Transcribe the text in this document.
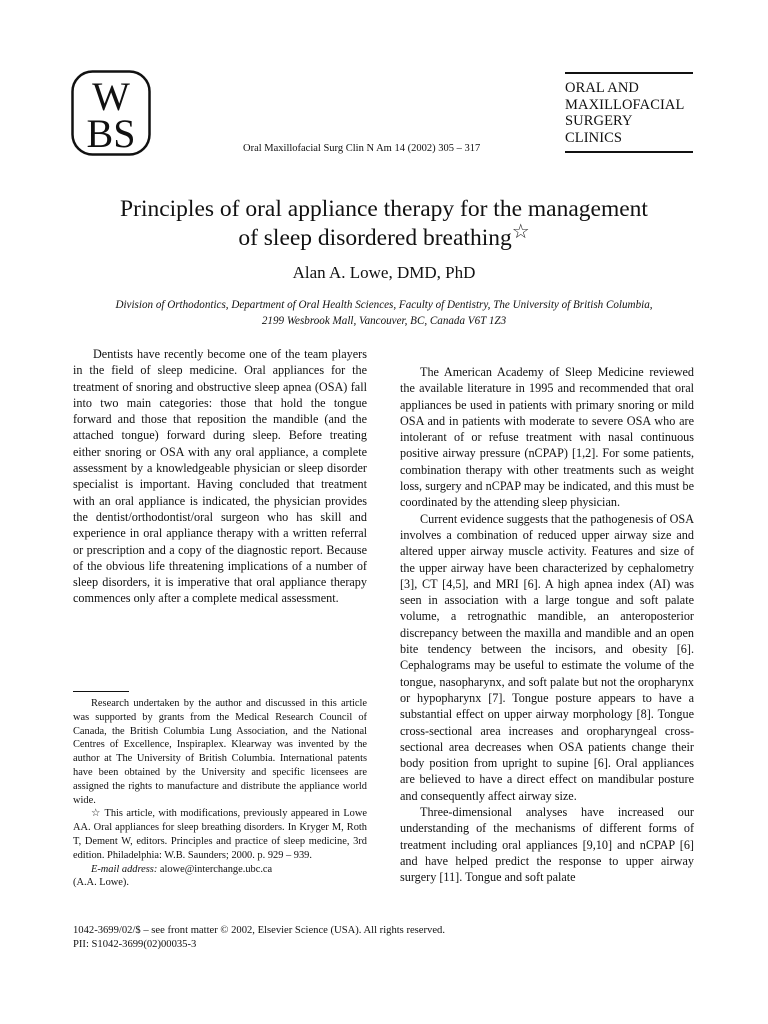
W
BS
ORAL AND
MAXILLOFACIAL
SURGERY
CLINICS
Oral Maxillofacial Surg Clin N Am 14 (2002) 305 – 317
Principles of oral appliance therapy for the management
of sleep disordered breathing☆
Alan A. Lowe, DMD, PhD
Division of Orthodontics, Department of Oral Health Sciences, Faculty of Dentistry, The University of British Columbia,
2199 Wesbrook Mall, Vancouver, BC, Canada V6T 1Z3

Dentists have recently become one of the team players in the field of sleep medicine. Oral appliances for the treatment of snoring and obstructive sleep apnea (OSA) fall into two main categories: those that hold the tongue forward and those that reposition the mandible (and the attached tongue) forward during sleep. Before treating either snoring or OSA with any oral appliance, a complete assessment by a knowledgeable physician or sleep disorder specialist is important. Having concluded that treatment with an oral appliance is indicated, the physician provides the dentist/orthodontist/oral surgeon who has skill and experience in oral appliance therapy with a written referral or prescription and a copy of the diagnostic report. Because of the obvious life threatening implications of a number of sleep disorders, it is imperative that oral appliance therapy commences only after a complete medical assessment.

The American Academy of Sleep Medicine reviewed the available literature in 1995 and recommended that oral appliances be used in patients with primary snoring or mild OSA and in patients with moderate to severe OSA who are intolerant of or refuse treatment with nasal continuous positive airway pressure (nCPAP) [1,2]. For some patients, combination therapy with other treatments such as weight loss, surgery and nCPAP may be indicated, and this must be coordinated by the attending sleep physician.

Current evidence suggests that the pathogenesis of OSA involves a combination of reduced upper airway size and altered upper airway muscle activity. Features and size of the upper airway have been characterized by cephalometry [3], CT [4,5], and MRI [6]. A high apnea index (AI) was seen in association with a large tongue and soft palate volume, a retrognathic mandible, an anteroposterior discrepancy between the maxilla and mandible and an open bite tendency between the incisors, and obesity [6]. Cephalograms may be useful to estimate the volume of the tongue, nasopharynx, and soft palate but not the oropharynx or hypopharynx [7]. Tongue posture appears to have a substantial effect on upper airway morphology [8]. Tongue cross-sectional area increases and oropharyngeal cross-sectional area decreases when OSA patients change their body position from upright to supine [6]. Oral appliances are believed to have a direct effect on mandibular posture and consequently affect airway size.

Three-dimensional analyses have increased our understanding of the mechanisms of different forms of treatment including oral appliances [9,10] and nCPAP [6] and have helped predict the response to upper airway surgery [11]. Tongue and soft palate

Research undertaken by the author and discussed in this article was supported by grants from the Medical Research Council of Canada, the British Columbia Lung Association, and the National Centres of Excellence, Inspiraplex. Klearway was invented by the author at The University of British Columbia. International patents have been obtained by the University and specific licensees are assigned the rights to manufacture and distribute the appliance world wide.

☆ This article, with modifications, previously appeared in Lowe AA. Oral appliances for sleep breathing disorders. In Kryger M, Roth T, Dement W, editors. Principles and practice of sleep medicine, 3rd edition. Philadelphia: W.B. Saunders; 2000. p. 929 – 939.

E-mail address: alowe@interchange.ubc.ca

(A.A. Lowe).

1042-3699/02/$ – see front matter © 2002, Elsevier Science (USA). All rights reserved.
PII: S1042-3699(02)00035-3
